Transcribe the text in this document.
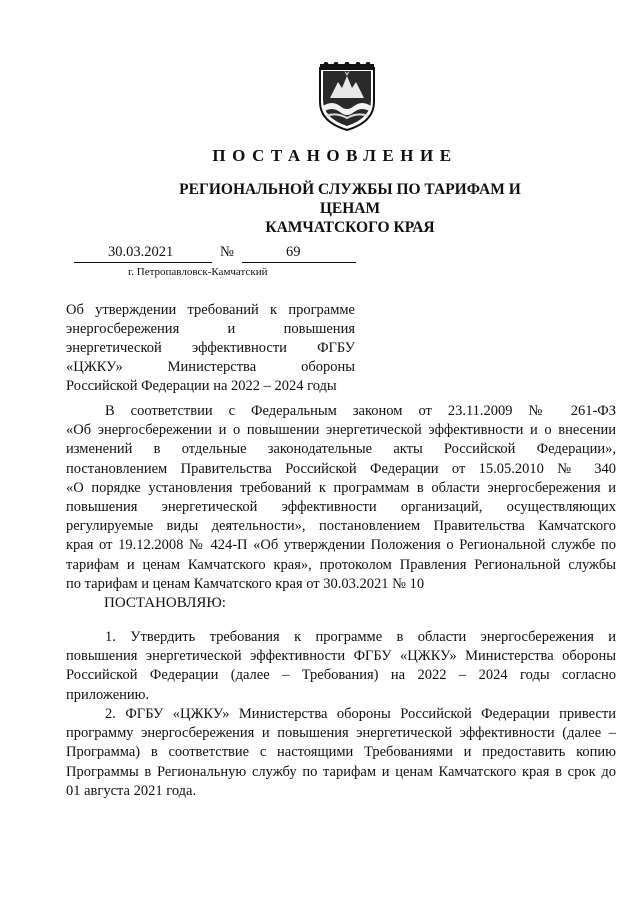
ПОСТАНОВЛЕНИЕ
РЕГИОНАЛЬНОЙ СЛУЖБЫ ПО ТАРИФАМ И ЦЕНАМ
КАМЧАТСКОГО КРАЯ
30.03.2021	№	69
г. Петропавловск-Камчатский
Об утверждении требований к программе
энергосбережения и повышения
энергетической эффективности ФГБУ
«ЦЖКУ» Министерства обороны
Российской Федерации на 2022 – 2024 годы
В соответствии с Федеральным законом от 23.11.2009 № 261-ФЗ
«Об энергосбережении и о повышении энергетической эффективности и о внесении
изменений в отдельные законодательные акты Российской Федерации»,
постановлением Правительства Российской Федерации от 15.05.2010 № 340
«О порядке установления требований к программам в области энергосбережения и
повышения энергетической эффективности организаций, осуществляющих
регулируемые виды деятельности», постановлением Правительства Камчатского
края от 19.12.2008 № 424-П «Об утверждении Положения о Региональной службе по
тарифам и ценам Камчатского края», протоколом Правления Региональной службы
по тарифам и ценам Камчатского края от 30.03.2021 № 10
ПОСТАНОВЛЯЮ:
1. Утвердить требования к программе в области энергосбережения и
повышения энергетической эффективности ФГБУ «ЦЖКУ» Министерства обороны
Российской Федерации (далее – Требования) на 2022 – 2024 годы согласно
приложению.
2. ФГБУ «ЦЖКУ» Министерства обороны Российской Федерации привести
программу энергосбережения и повышения энергетической эффективности (далее –
Программа) в соответствие с настоящими Требованиями и предоставить копию
Программы в Региональную службу по тарифам и ценам Камчатского края в срок до
01 августа 2021 года.
